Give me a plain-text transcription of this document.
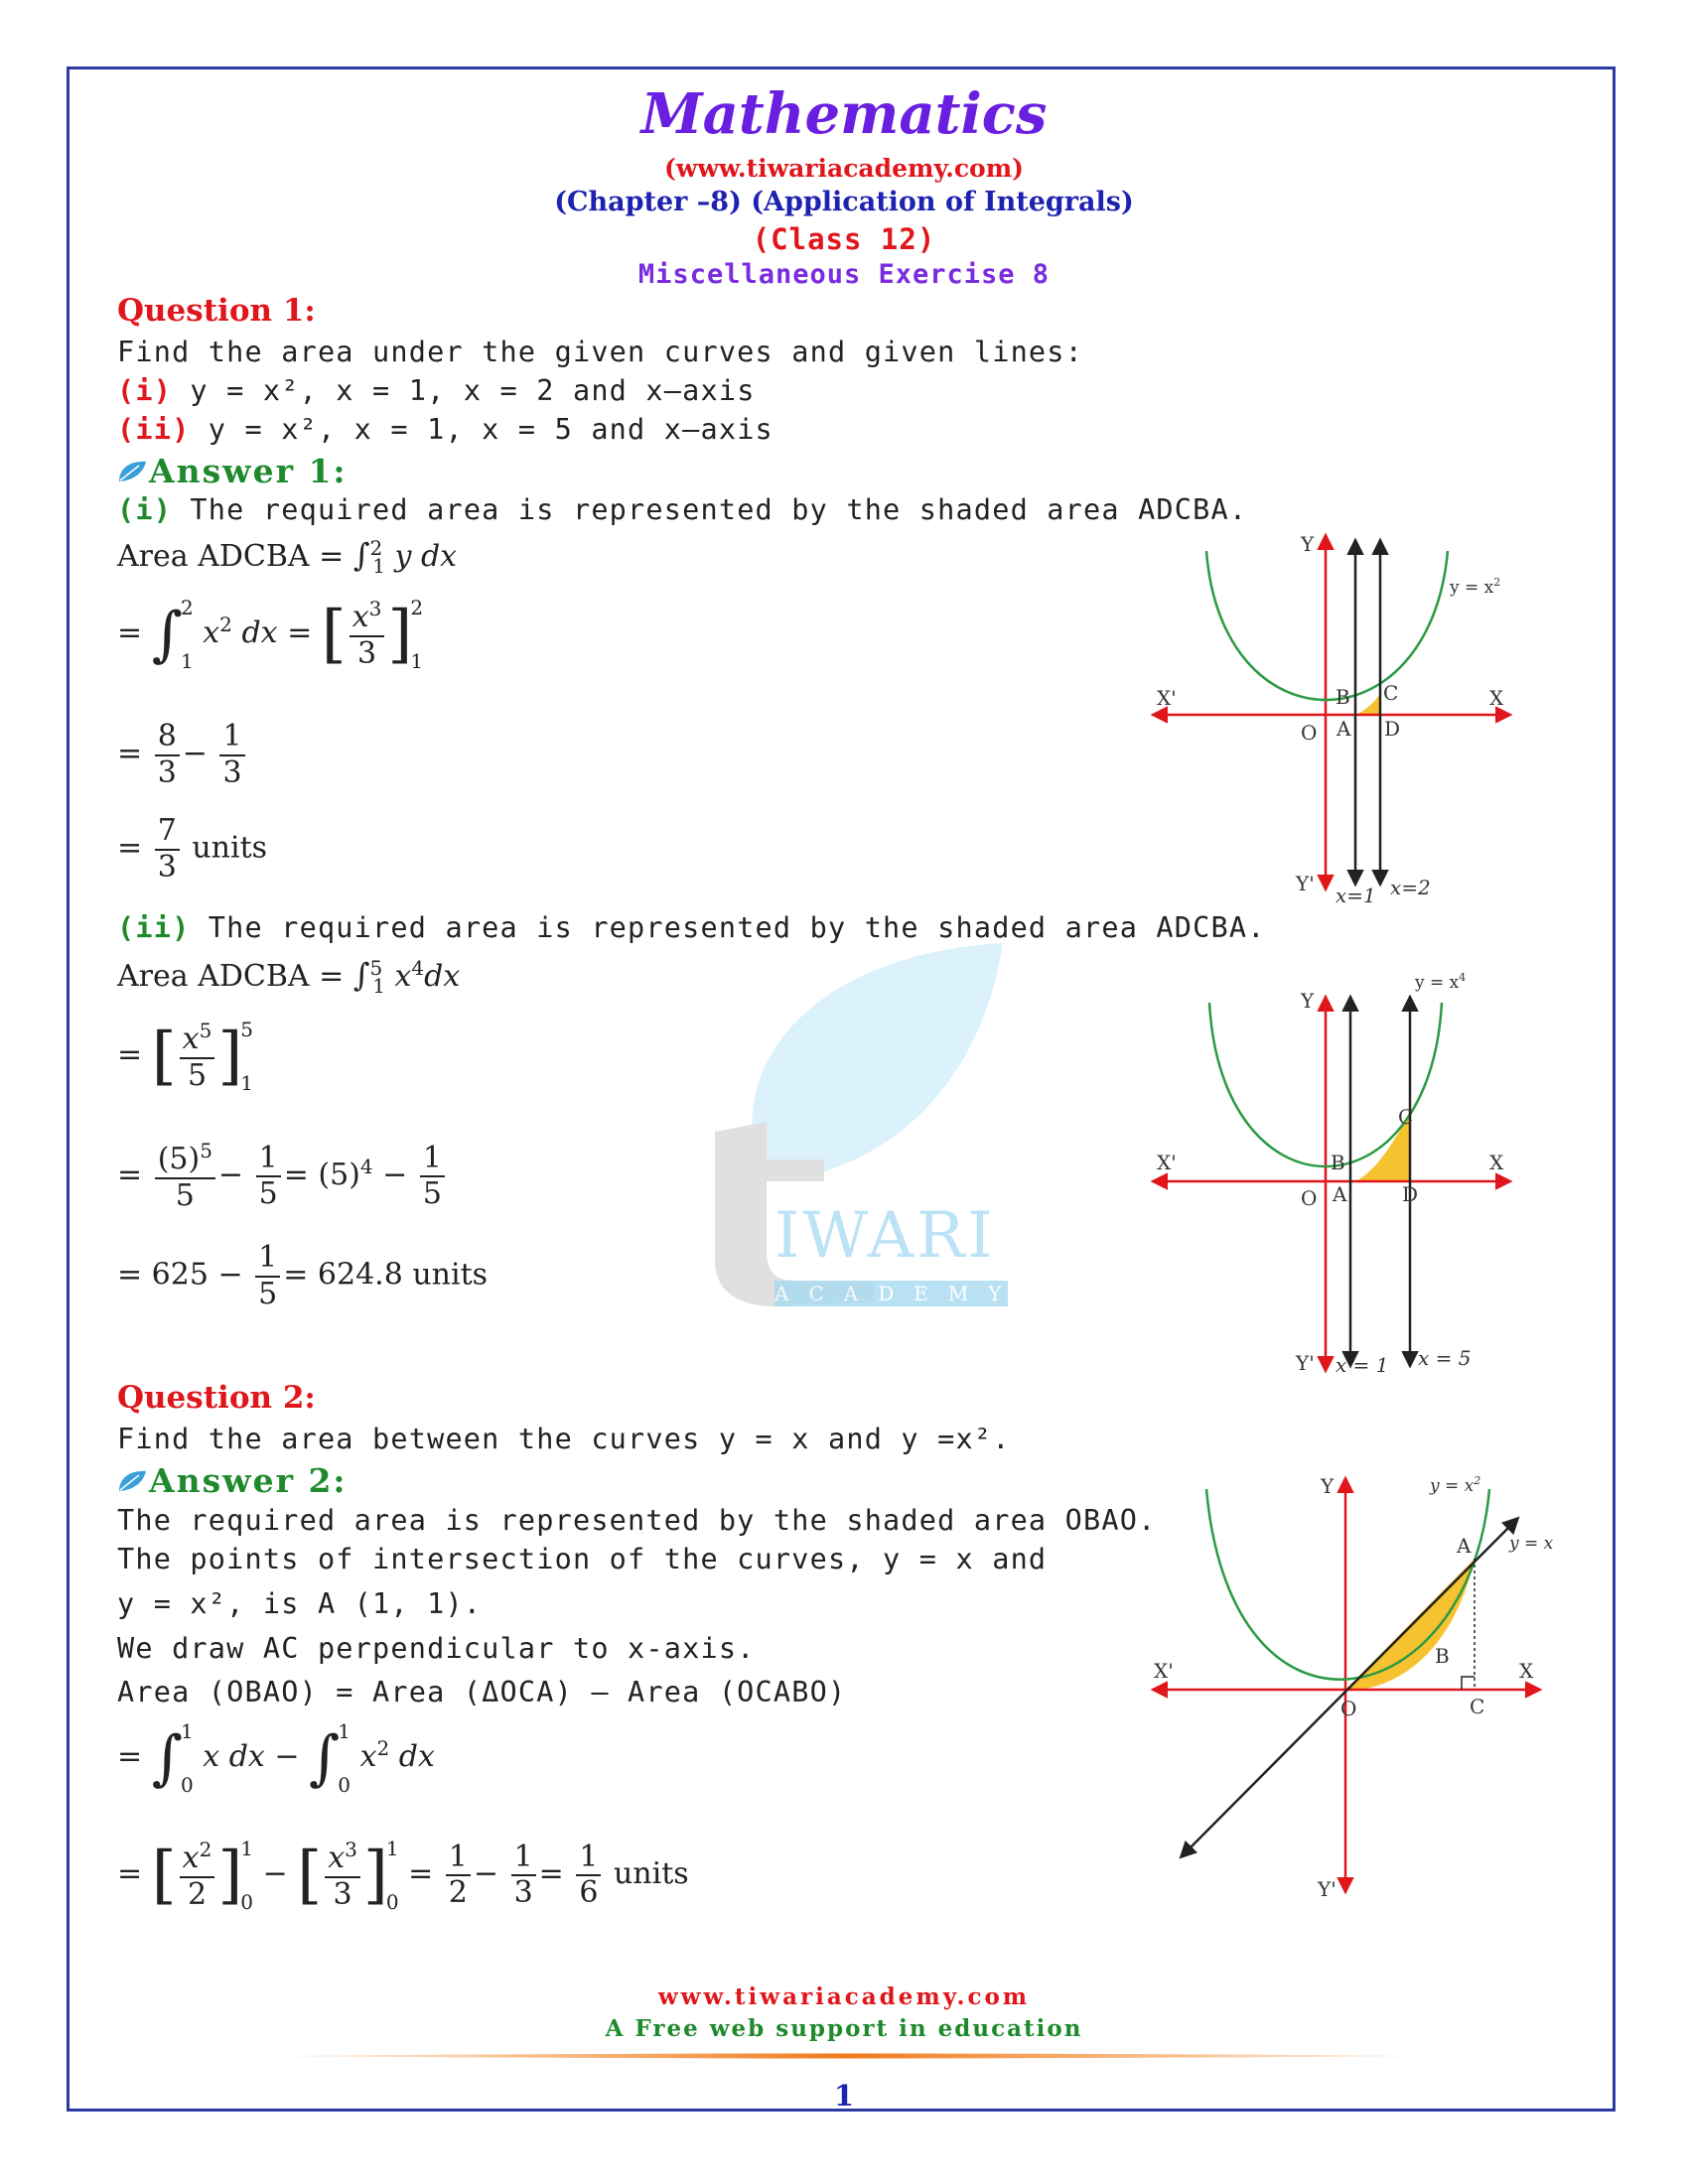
IWARI
ACADEMY
Mathematics
(www.tiwariacademy.com)
(Chapter –8) (Application of Integrals)
(Class 12)
Miscellaneous Exercise 8
Question 1:
Find the area under the given curves and given lines:
(i) y = x², x = 1, x = 2 and x–axis
(ii) y = x², x = 1, x = 5 and x–axis
Answer 1:
(i) The required area is represented by the shaded area ADCBA.
Area ADCBA = ∫$^2_1$ y dx
= ∫
2
1
$x^2$ dx = [ $\frac{x^3}{3}$ ]
2
1
= $\frac{8}{3} - \frac{1}{3}$
= $\frac{7}{3}$ units
(ii) The required area is represented by the shaded area ADCBA.
Area ADCBA = ∫$^5_1$ $x^4dx$
= [ $\frac{x^5}{5}$ ]
5
1
= $\frac{(5)^5}{5} - \frac{1}{5} = (5)^4 - \frac{1}{5}$
= $625 - \frac{1}{5} = 624.8$ units
Question 2:
Find the area between the curves y = x and y =x².
Answer 2:
The required area is represented by the shaded area OBAO.
The points of intersection of the curves, y = x and
y = x², is A (1, 1).
We draw AC perpendicular to x-axis.
Area (OBAO) = Area (ΔOCA) – Area (OCABO)
= ∫
1
0
x dx − ∫
1
0
$x^2$ dx
= [ $\frac{x^2}{2}$ ]
1
0
− [ $\frac{x^3}{3}$ ]
1
0
= $\frac{1}{2} - \frac{1}{3} = \frac{1}{6}$ units
Y
Y'
X
X'
O
$y = x^2$
x=1 x=2
B
A
C
D
Y
Y'
X
X'
O
$y = x^4$
x = 1 x = 5
B
A
C
D
Y
Y'
X
X'
O
$y = x^2$
y = x
A
B
C
www.tiwariacademy.com
A Free web support in education
1
